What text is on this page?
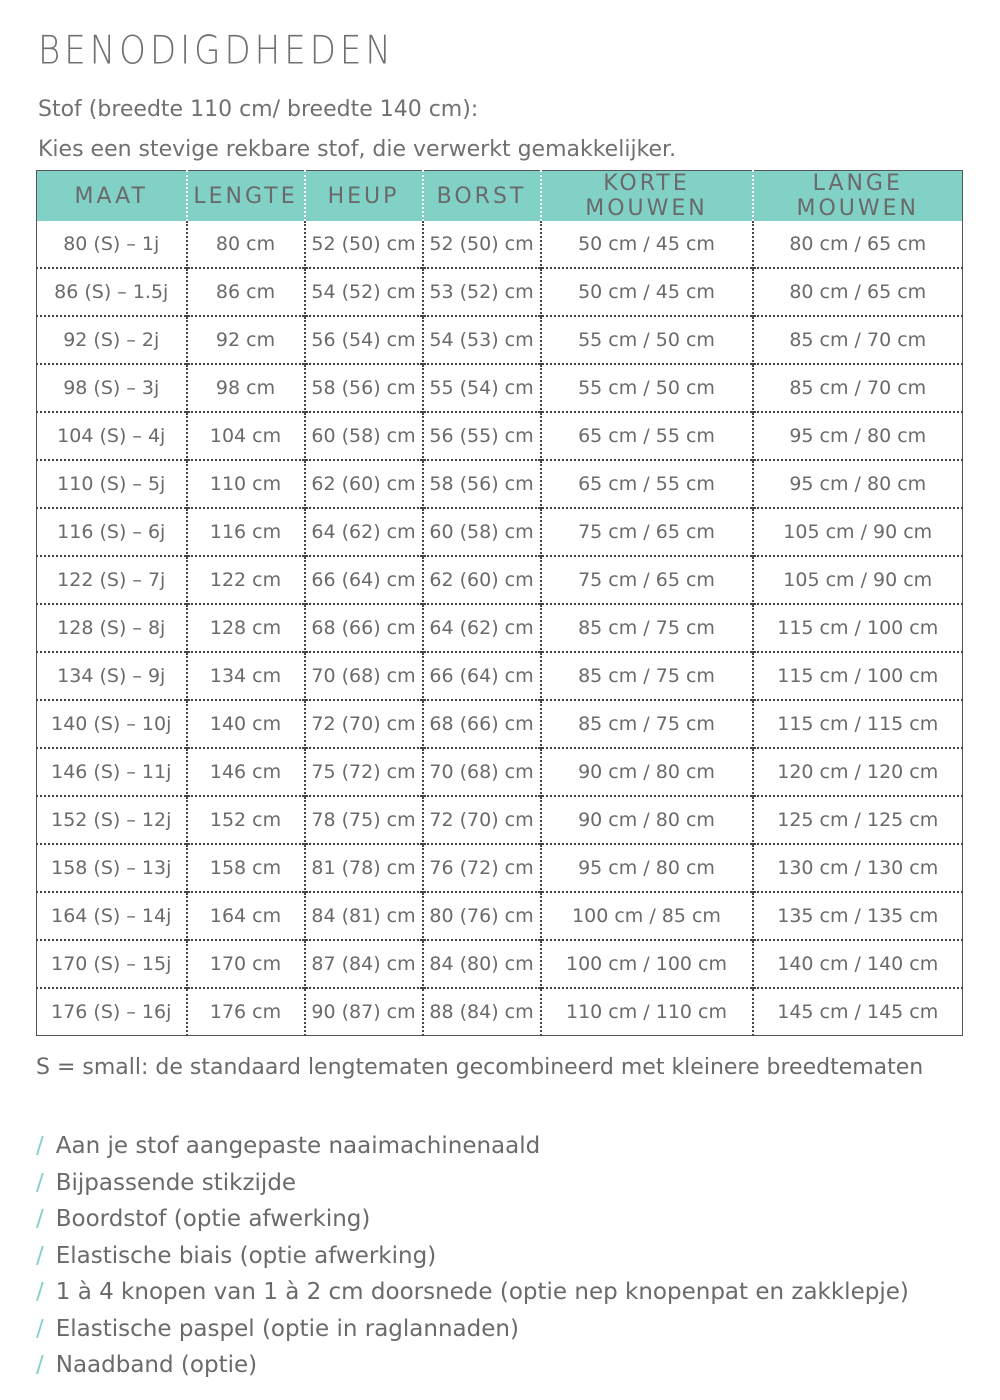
BENODIGDHEDEN
Stof (breedte 110 cm/ breedte 140 cm):
Kies een stevige rekbare stof, die verwerkt gemakkelijker.
MAAT	LENGTE	HEUP	BORST	KORTE MOUWEN	LANGE MOUWEN
80 (S) – 1j	80 cm	52 (50) cm	52 (50) cm	50 cm / 45 cm	80 cm / 65 cm
86 (S) – 1.5j	86 cm	54 (52) cm	53 (52) cm	50 cm / 45 cm	80 cm / 65 cm
92 (S) – 2j	92 cm	56 (54) cm	54 (53) cm	55 cm / 50 cm	85 cm / 70 cm
98 (S) – 3j	98 cm	58 (56) cm	55 (54) cm	55 cm / 50 cm	85 cm / 70 cm
104 (S) – 4j	104 cm	60 (58) cm	56 (55) cm	65 cm / 55 cm	95 cm / 80 cm
110 (S) – 5j	110 cm	62 (60) cm	58 (56) cm	65 cm / 55 cm	95 cm / 80 cm
116 (S) – 6j	116 cm	64 (62) cm	60 (58) cm	75 cm / 65 cm	105 cm / 90 cm
122 (S) – 7j	122 cm	66 (64) cm	62 (60) cm	75 cm / 65 cm	105 cm / 90 cm
128 (S) – 8j	128 cm	68 (66) cm	64 (62) cm	85 cm / 75 cm	115 cm / 100 cm
134 (S) – 9j	134 cm	70 (68) cm	66 (64) cm	85 cm / 75 cm	115 cm / 100 cm
140 (S) – 10j	140 cm	72 (70) cm	68 (66) cm	85 cm / 75 cm	115 cm / 115 cm
146 (S) – 11j	146 cm	75 (72) cm	70 (68) cm	90 cm / 80 cm	120 cm / 120 cm
152 (S) – 12j	152 cm	78 (75) cm	72 (70) cm	90 cm / 80 cm	125 cm / 125 cm
158 (S) – 13j	158 cm	81 (78) cm	76 (72) cm	95 cm / 80 cm	130 cm / 130 cm
164 (S) – 14j	164 cm	84 (81) cm	80 (76) cm	100 cm / 85 cm	135 cm / 135 cm
170 (S) – 15j	170 cm	87 (84) cm	84 (80) cm	100 cm / 100 cm	140 cm / 140 cm
176 (S) – 16j	176 cm	90 (87) cm	88 (84) cm	110 cm / 110 cm	145 cm / 145 cm
S = small: de standaard lengtematen gecombineerd met kleinere breedtematen
/ Aan je stof aangepaste naaimachinenaald
/ Bijpassende stikzijde
/ Boordstof (optie afwerking)
/ Elastische biais (optie afwerking)
/ 1 à 4 knopen van 1 à 2 cm doorsnede (optie nep knopenpat en zakklepje)
/ Elastische paspel (optie in raglannaden)
/ Naadband (optie)
